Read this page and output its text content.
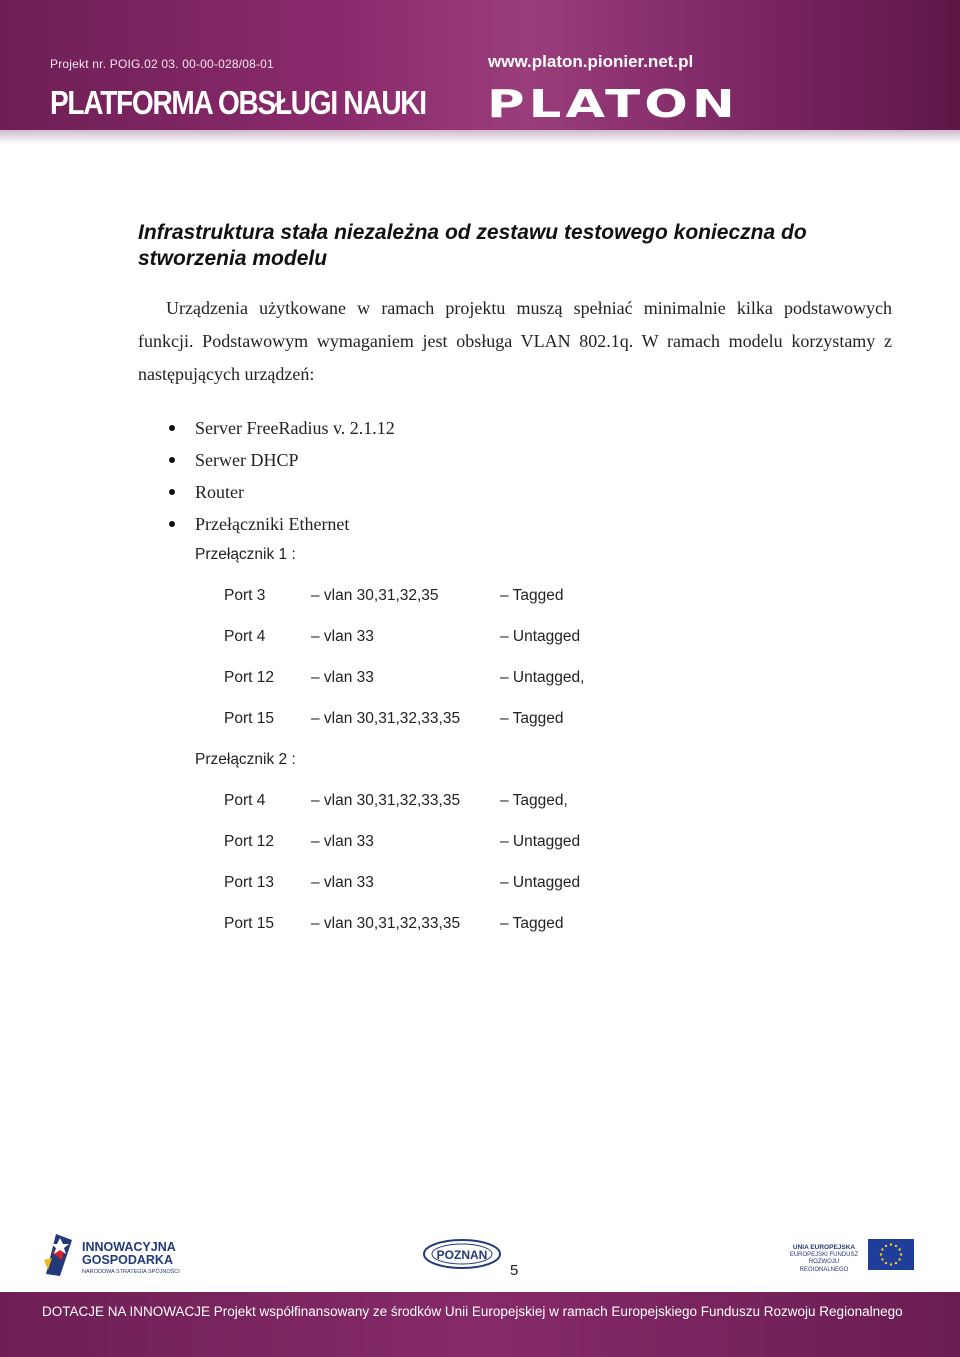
Projekt nr. POIG.02 03. 00-00-028/08-01	www.platon.pionier.net.pl
PLATFORMA OBSŁUGI NAUKI PLATON
Infrastruktura stała niezależna od zestawu testowego konieczna do stworzenia modelu
Urządzenia użytkowane w ramach projektu muszą spełniać minimalnie kilka podstawowych funkcji. Podstawowym wymaganiem jest obsługa VLAN 802.1q. W ramach modelu korzystamy z następujących urządzeń:
Server FreeRadius v. 2.1.12
Serwer DHCP
Router
Przełączniki Ethernet
Przełącznik 1 :
Port 3	– vlan 30,31,32,35	– Tagged
Port 4	– vlan 33	– Untagged
Port 12 – vlan 33	– Untagged,
Port 15 – vlan 30,31,32,33,35	– Tagged
Przełącznik 2 :
Port 4	– vlan 30,31,32,33,35	– Tagged,
Port 12 – vlan 33	– Untagged
Port 13 – vlan 33	– Untagged
Port 15 – vlan 30,31,32,33,35	– Tagged
INNOWACYJNA
GOSPODARKA
NARODOWA STRATEGIA SPÓJNOŚCI
POZNAN
5
UNIA EUROPEJSKA
EUROPEJSKI FUNDUSZ
ROZWOJU REGIONALNEGO
DOTACJE NA INNOWACJE Projekt współfinansowany ze środków Unii Europejskiej w ramach Europejskiego Funduszu Rozwoju Regionalnego
